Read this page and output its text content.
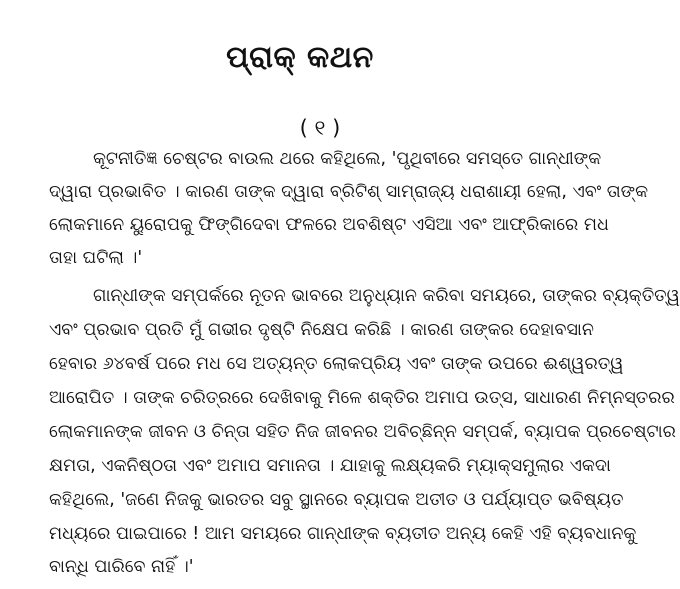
ପ୍ରାକ୍ କଥନ
( ୧ )
କୂଟନୀତିଜ୍ଞ ଚେଷ୍ଟର ବାଉଲ ଥରେ କହିଥିଲେ, 'ପୃଥିବୀରେ ସମସ୍ତେ ଗାନ୍ଧୀଙ୍କ
ଦ୍ୱାରା ପ୍ରଭାବିତ । କାରଣ ତାଙ୍କ ଦ୍ୱାରା ବ୍ରିଟିଶ୍ ସାମ୍ରାଜ୍ୟ ଧରାଶାୟୀ ହେଲା, ଏବଂ ତାଙ୍କ
ଲୋକମାନେ ୟୁରୋପକୁ ଫିଙ୍ଗିଦେବା ଫଳରେ ଅବଶିଷ୍ଟ ଏସିଆ ଏବଂ ଆଫ୍ରିକାରେ ମଧ
ତାହା ଘଟିଲା ।'
ଗାନ୍ଧୀଙ୍କ ସମ୍ପର୍କରେ ନୂତନ ଭାବରେ ଅନୁଧ୍ୟାନ କରିବା ସମୟରେ, ତାଙ୍କର ବ୍ୟକ୍ତିତ୍ୱ
ଏବଂ ପ୍ରଭାବ ପ୍ରତି ମୁଁ ଗଭୀର ଦୃଷ୍ଟି ନିକ୍ଷେପ କରିଛି । କାରଣ ତାଙ୍କର ଦେହାବସାନ
ହେବାର ୬୪ବର୍ଷ ପରେ ମଧ ସେ ଅତ୍ୟନ୍ତ ଲୋକପ୍ରିୟ ଏବଂ ତାଙ୍କ ଉପରେ ଈଶ୍ୱରତ୍ୱ
ଆରୋପିତ । ତାଙ୍କ ଚରିତ୍ରରେ ଦେଖିବାକୁ ମିଳେ ଶକ୍ତିର ଅମାପ ଉତ୍ସ, ସାଧାରଣ ନିମ୍ନସ୍ତରର
ଲୋକମାନଙ୍କ ଜୀବନ ଓ ଚିନ୍ତା ସହିତ ନିଜ ଜୀବନର ଅବିଚ୍ଛିନ୍ନ ସମ୍ପର୍କ, ବ୍ୟାପକ ପ୍ରଚେଷ୍ଟାର
କ୍ଷମତା, ଏକନିଷ୍ଠତା ଏବଂ ଅମାପ ସମାନତା । ଯାହାକୁ ଲକ୍ଷ୍ୟକରି ମ୍ୟାକ୍ସମୁଲାର ଏକଦା
କହିଥିଲେ, 'ଜଣେ ନିଜକୁ ଭାରତର ସବୁ ସ୍ଥାନରେ ବ୍ୟାପକ ଅତୀତ ଓ ପର୍ଯ୍ୟାପ୍ତ ଭବିଷ୍ୟତ
ମଧ୍ୟରେ ପାଇପାରେ ! ଆମ ସମୟରେ ଗାନ୍ଧୀଙ୍କ ବ୍ୟତୀତ ଅନ୍ୟ କେହି ଏହି ବ୍ୟବଧାନକୁ
ବାନ୍ଧି ପାରିବେ ନାହିଁ ।'
